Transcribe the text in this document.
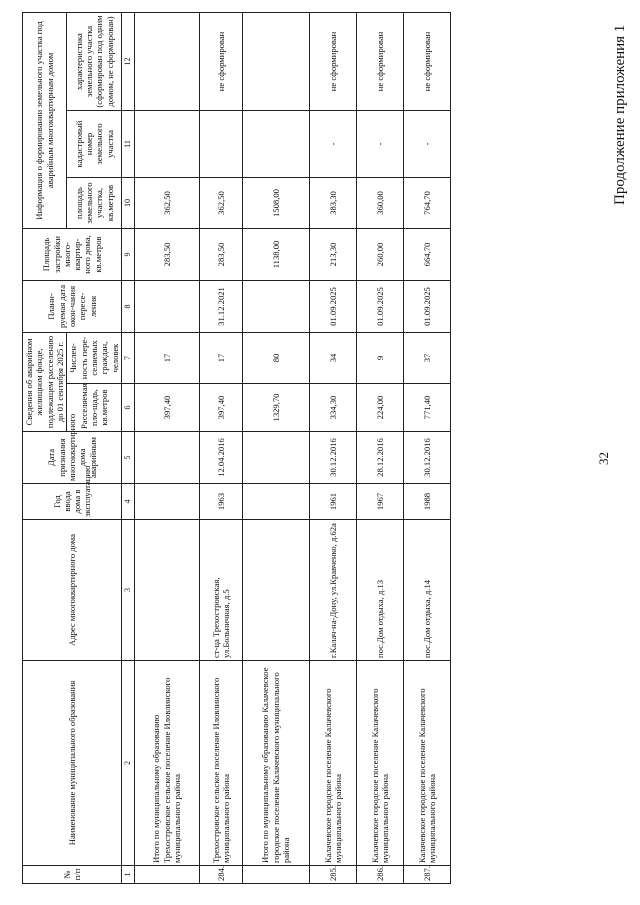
32
Продолжение приложения 1
№ п/п	Наименование муниципального образования	Адрес многоквартирного дома	Год ввода дома в эксплуатацию	Дата признания многоквартирного дома аварийным	Сведения об аварийном жилищном фонде, подлежащем расселению до 01 сентября 2025 г.		Плани-руемая дата окон-чания пересе-ления	Площадь застройки много-квартир-ного дома, кв.метров	Информация о формировании земельного участка под аварийным многоквартирным домом		
					Расселяемая пло-щадь, кв.метров	Числен-ность пере-селяемых граждан, человек			площадь земельного участка, кв.метров	кадастровый номер земельного участка	характеристика земельного участка (сформирован под одним домом, не сформирован)
1	2	3	4	5	6	7	8	9	10	11	12
	Итого по муниципальному образованию Трехостровское сельское поселение Иловлинского муниципального района				397,40	17		283,50	362,50		
284.	Трехостровское сельское поселение Иловлинского муниципального района	ст-ца Трехостровская, ул.Больничная, д.5	1963	12.04.2016	397,40	17	31.12.2021	283,50	362,50		не сформирован
	Итого по муниципальному образованию Калачевское городское поселение Калачевского муниципального района				1329,70	80		1138,00	1508,00		
285.	Калачевское городское поселение Калачевского муниципального района	г.Калач-на-Дону, ул.Кравченко, д.62а	1961	30.12.2016	334,30	34	01.09.2025	213,30	383,30	-	не сформирован
286.	Калачевское городское поселение Калачевского муниципального района	пос.Дом отдыха, д.13	1967	28.12.2016	224,00	9	01.09.2025	260,00	360,00	-	не сформирован
287.	Калачевское городское поселение Калачевского муниципального района	пос.Дом отдыха, д.14	1988	30.12.2016	771,40	37	01.09.2025	664,70	764,70	-	не сформирован
